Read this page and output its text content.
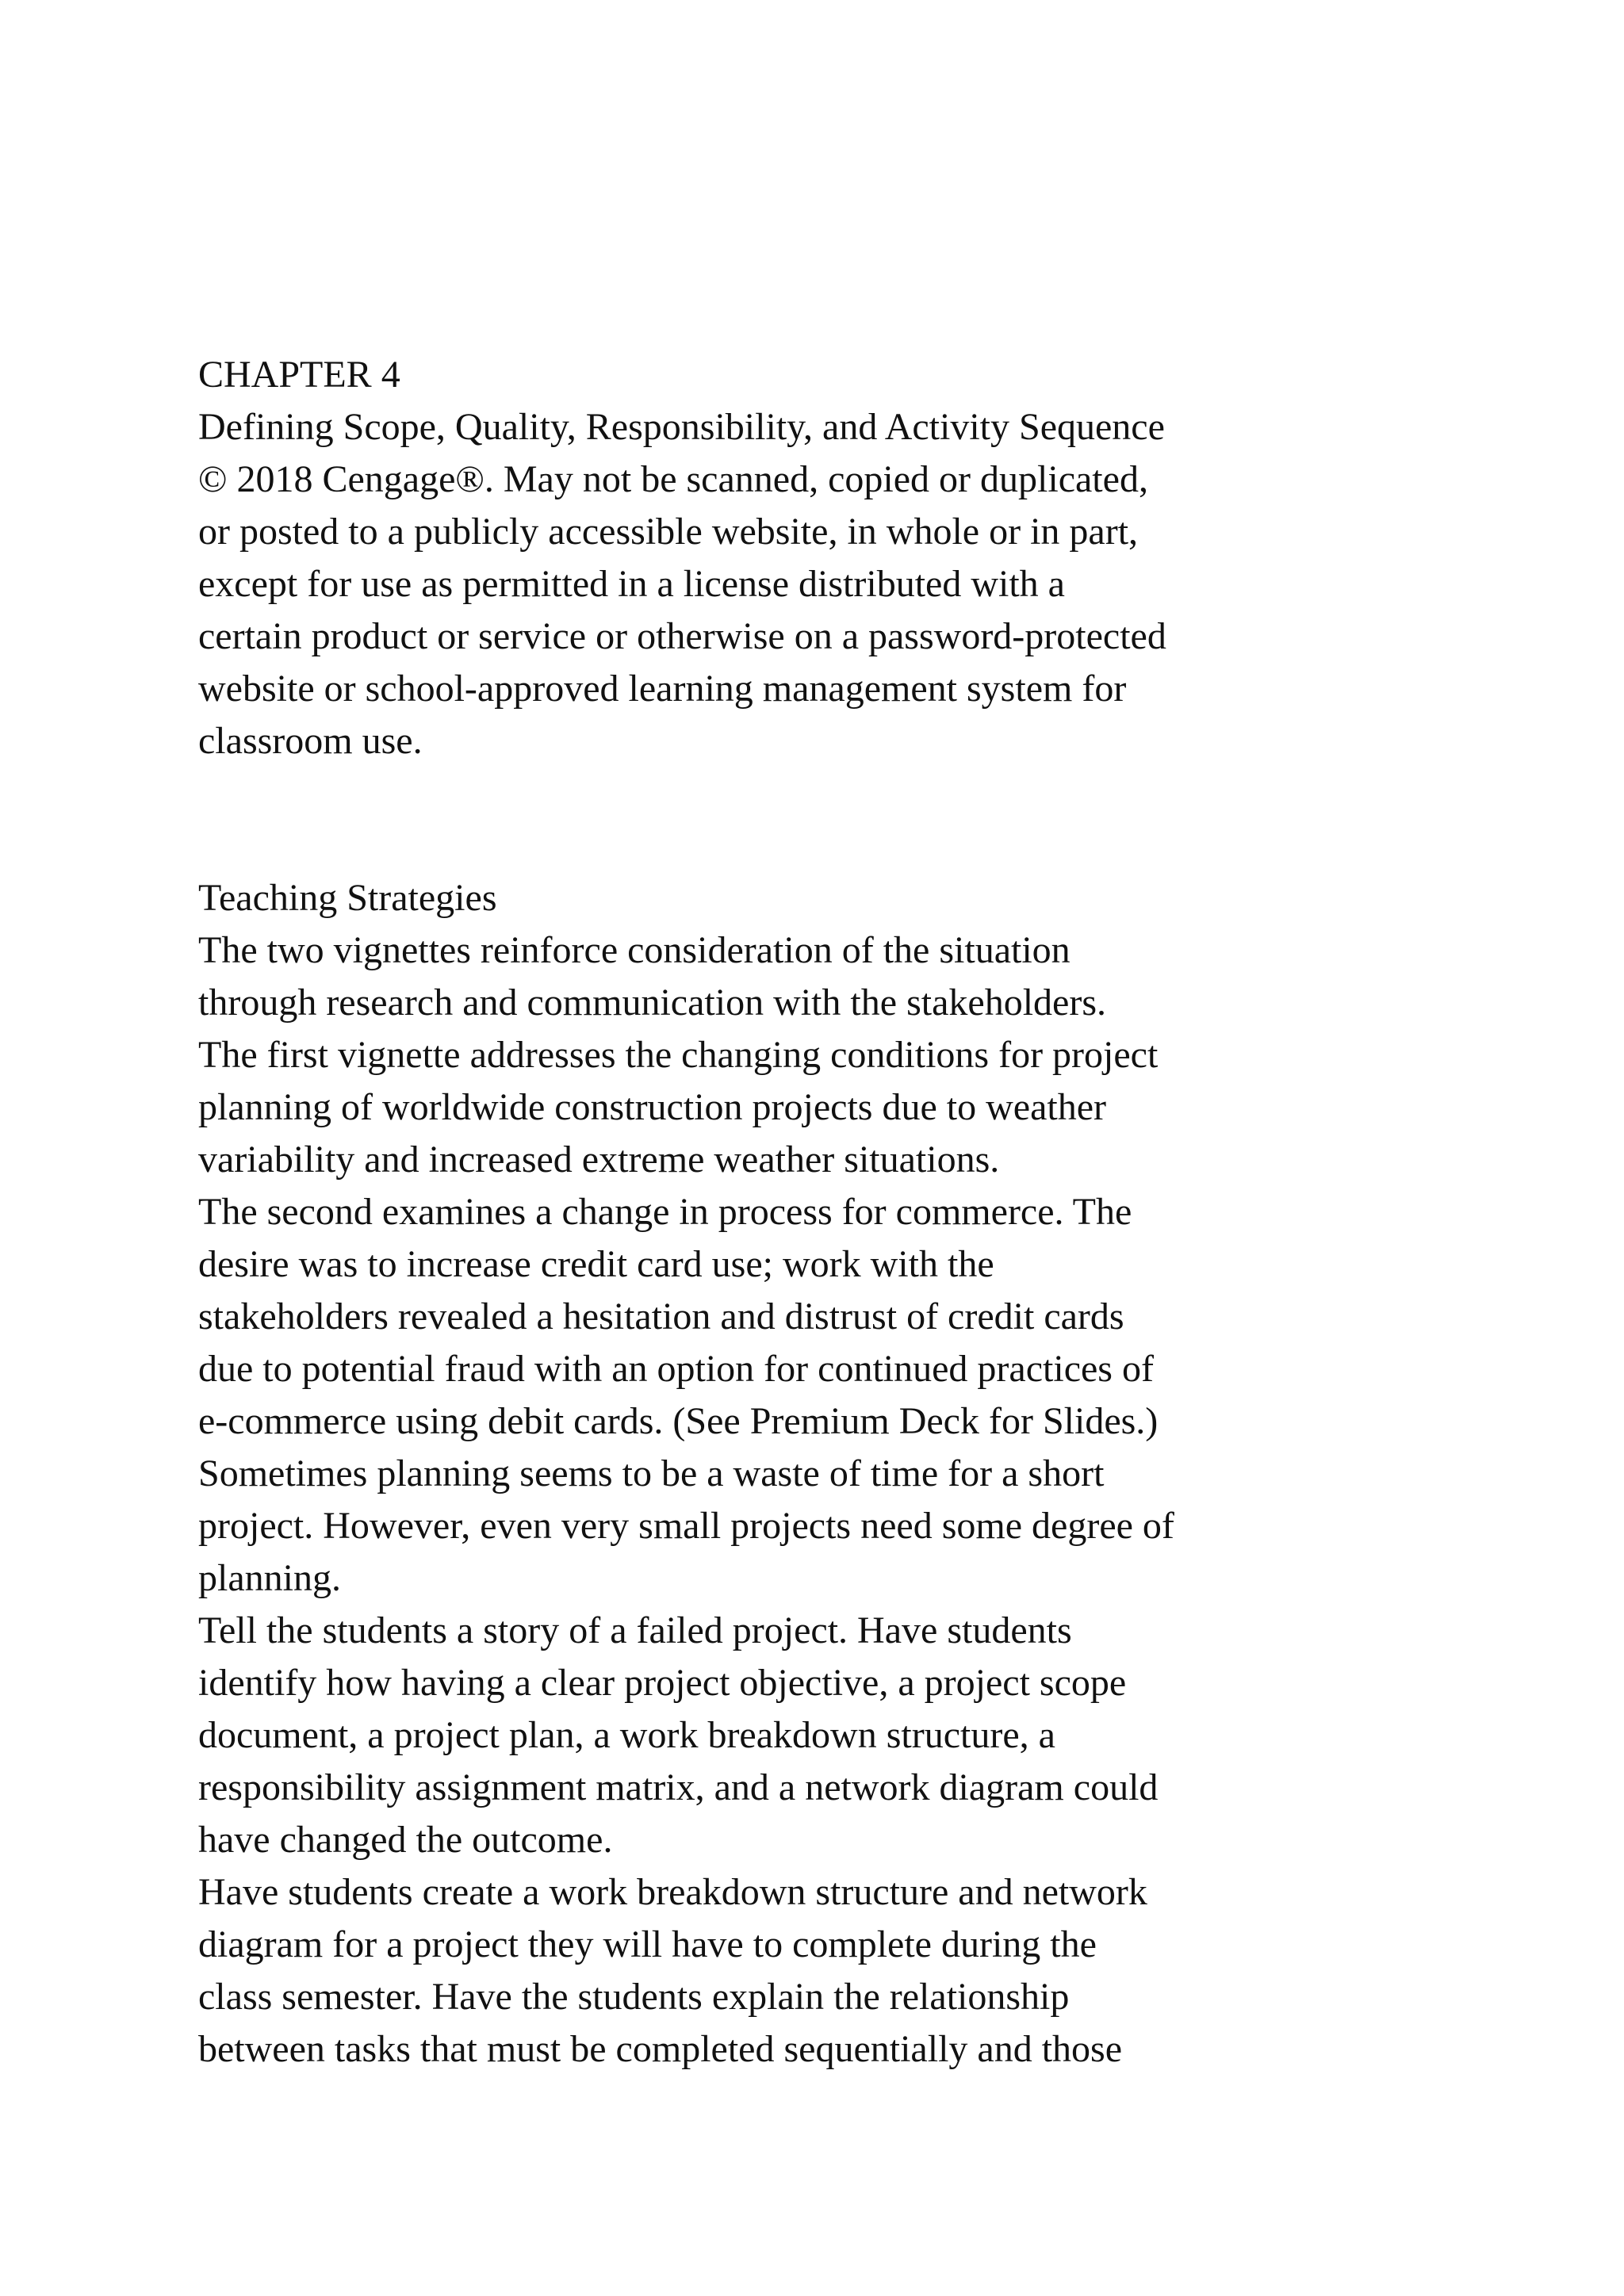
CHAPTER 4
Defining Scope, Quality, Responsibility, and Activity Sequence
© 2018 Cengage®. May not be scanned, copied or duplicated,
or posted to a publicly accessible website, in whole or in part,
except for use as permitted in a license distributed with a
certain product or service or otherwise on a password-protected
website or school-approved learning management system for
classroom use.
Teaching Strategies
The two vignettes reinforce consideration of the situation
through research and communication with the stakeholders.
The first vignette addresses the changing conditions for project
planning of worldwide construction projects due to weather
variability and increased extreme weather situations.
The second examines a change in process for commerce. The
desire was to increase credit card use; work with the
stakeholders revealed a hesitation and distrust of credit cards
due to potential fraud with an option for continued practices of
e-commerce using debit cards. (See Premium Deck for Slides.)
Sometimes planning seems to be a waste of time for a short
project. However, even very small projects need some degree of
planning.
Tell the students a story of a failed project. Have students
identify how having a clear project objective, a project scope
document, a project plan, a work breakdown structure, a
responsibility assignment matrix, and a network diagram could
have changed the outcome.
Have students create a work breakdown structure and network
diagram for a project they will have to complete during the
class semester. Have the students explain the relationship
between tasks that must be completed sequentially and those
